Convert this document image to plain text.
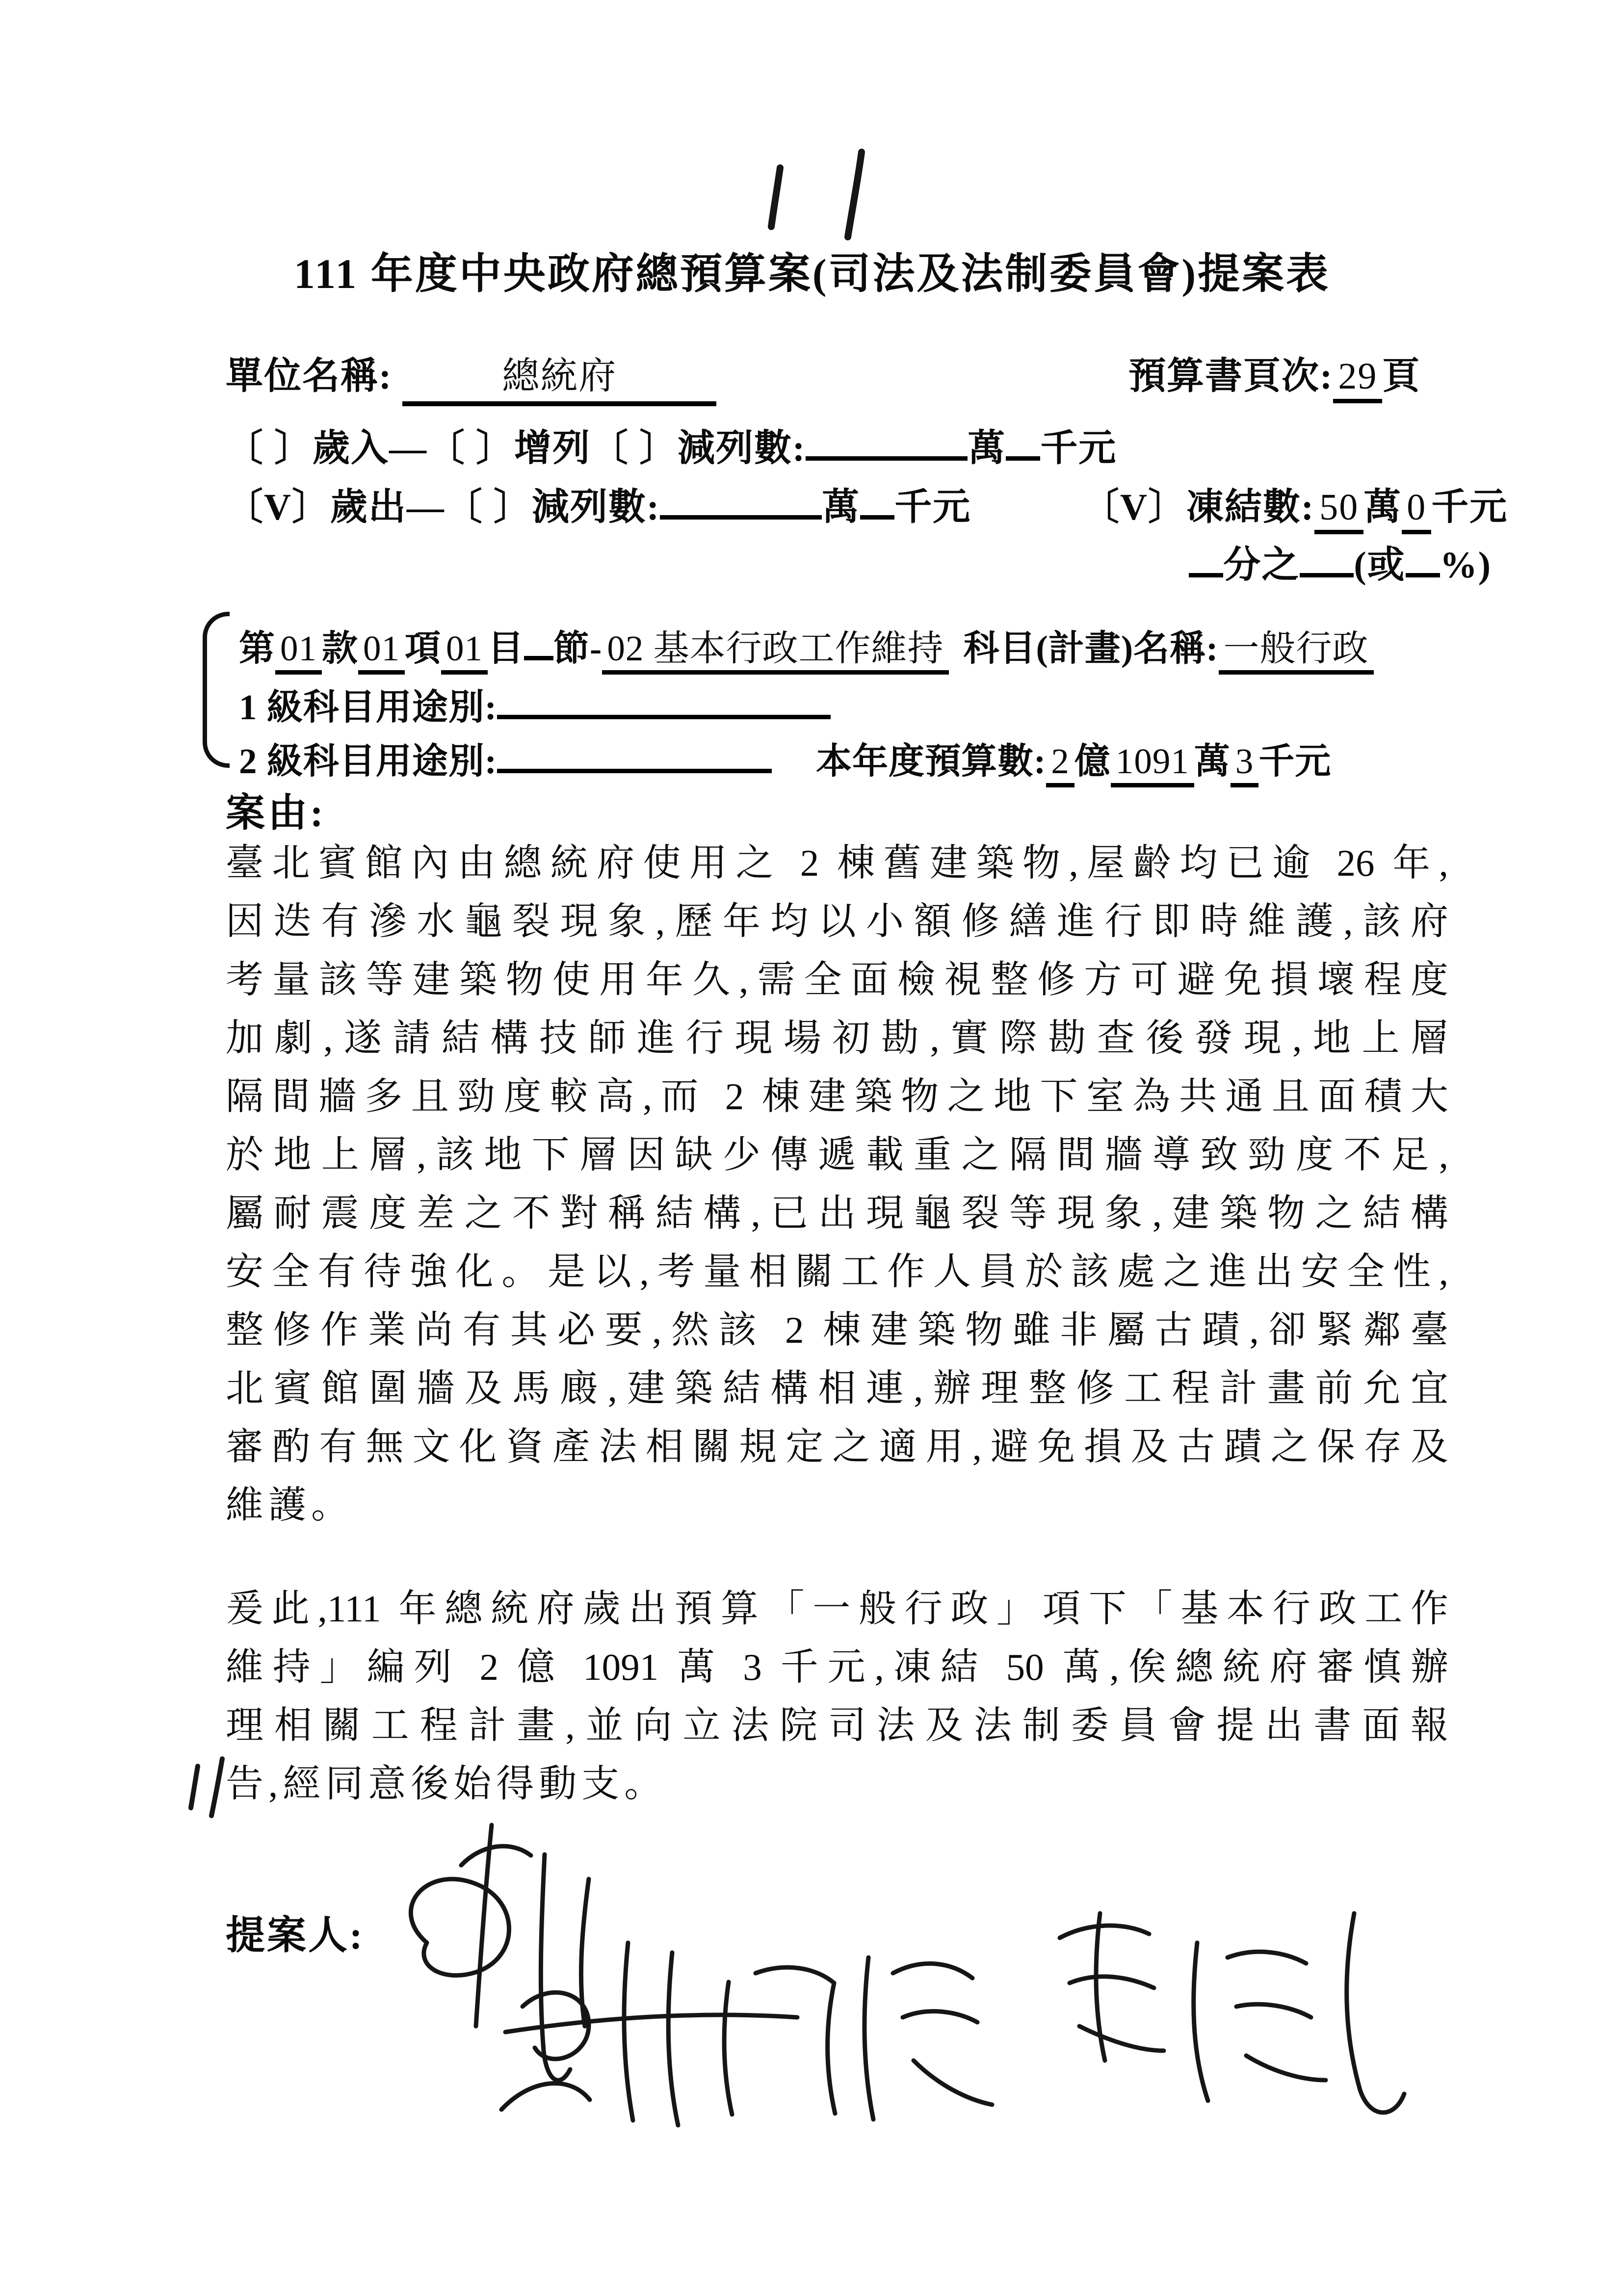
111 年度中央政府總預算案(司法及法制委員會)提案表
單位名稱:	總統府	預算書頁次: 29 頁
〔 〕歲入—〔 〕增列〔 〕減列數:	萬 千元
〔V〕歲出—〔 〕減列數:	萬 千元	〔V〕凍結數: 50 萬 0 千元
分之 (或 %)
第 01 款 01 項 01 目 節- 02 基本行政工作維持 科目(計畫)名稱: 一般行政
1 級科目用途別:
2 級科目用途別:	本年度預算數: 2 億 1091 萬 3 千元
案由:
臺北賓館內由總統府使用之 2 棟舊建築物,屋齡均已逾 26 年,
因迭有滲水龜裂現象,歷年均以小額修繕進行即時維護,該府
考量該等建築物使用年久,需全面檢視整修方可避免損壞程度
加劇,遂請結構技師進行現場初勘,實際勘查後發現,地上層
隔間牆多且勁度較高,而 2 棟建築物之地下室為共通且面積大
於地上層,該地下層因缺少傳遞載重之隔間牆導致勁度不足,
屬耐震度差之不對稱結構,已出現龜裂等現象,建築物之結構
安全有待強化。是以,考量相關工作人員於該處之進出安全性,
整修作業尚有其必要,然該 2 棟建築物雖非屬古蹟,卻緊鄰臺
北賓館圍牆及馬廄,建築結構相連,辦理整修工程計畫前允宜
審酌有無文化資產法相關規定之適用,避免損及古蹟之保存及
維護。
爰此,111 年總統府歲出預算「一般行政」項下「基本行政工作
維持」編列 2 億 1091 萬 3 千元,凍結 50 萬,俟總統府審慎辦
理相關工程計畫,並向立法院司法及法制委員會提出書面報
告,經同意後始得動支。
提案人:
